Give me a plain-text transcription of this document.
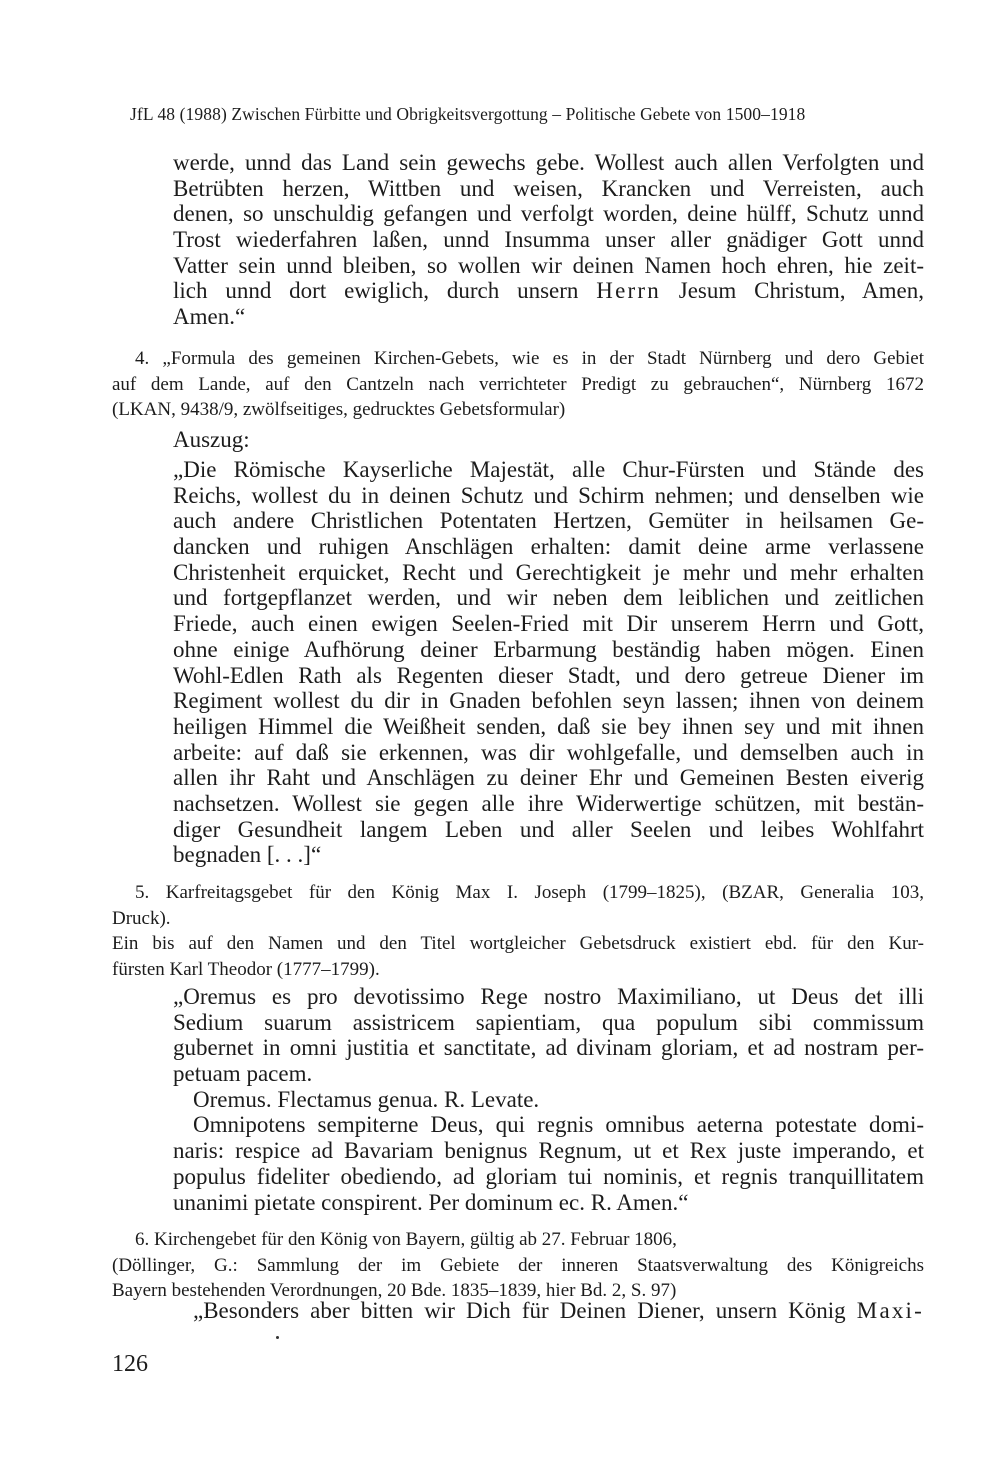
JfL 48 (1988) Zwischen Fürbitte und Obrigkeitsvergottung – Politische Gebete von 1500–1918
werde, unnd das Land sein gewechs gebe. Wollest auch allen Verfolgten und
Betrübten herzen, Wittben und weisen, Krancken und Verreisten, auch
denen, so unschuldig gefangen und verfolgt worden, deine hülff, Schutz unnd
Trost wiederfahren laßen, unnd Insumma unser aller gnädiger Gott unnd
Vatter sein unnd bleiben, so wollen wir deinen Namen hoch ehren, hie zeit-
lich unnd dort ewiglich, durch unsern Herrn Jesum Christum, Amen,
Amen.“
4. „Formula des gemeinen Kirchen-Gebets, wie es in der Stadt Nürnberg und dero Gebiet
auf dem Lande, auf den Cantzeln nach verrichteter Predigt zu gebrauchen“, Nürnberg 1672
(LKAN, 9438/9, zwölfseitiges, gedrucktes Gebetsformular)
Auszug:
„Die Römische Kayserliche Majestät, alle Chur-Fürsten und Stände des
Reichs, wollest du in deinen Schutz und Schirm nehmen; und denselben wie
auch andere Christlichen Potentaten Hertzen, Gemüter in heilsamen Ge-
dancken und ruhigen Anschlägen erhalten: damit deine arme verlassene
Christenheit erquicket, Recht und Gerechtigkeit je mehr und mehr erhalten
und fortgepflanzet werden, und wir neben dem leiblichen und zeitlichen
Friede, auch einen ewigen Seelen-Fried mit Dir unserem Herrn und Gott,
ohne einige Aufhörung deiner Erbarmung beständig haben mögen. Einen
Wohl-Edlen Rath als Regenten dieser Stadt, und dero getreue Diener im
Regiment wollest du dir in Gnaden befohlen seyn lassen; ihnen von deinem
heiligen Himmel die Weißheit senden, daß sie bey ihnen sey und mit ihnen
arbeite: auf daß sie erkennen, was dir wohlgefalle, und demselben auch in
allen ihr Raht und Anschlägen zu deiner Ehr und Gemeinen Besten eiverig
nachsetzen. Wollest sie gegen alle ihre Widerwertige schützen, mit bestän-
diger Gesundheit langem Leben und aller Seelen und leibes Wohlfahrt
begnaden [. . .]“
5. Karfreitagsgebet für den König Max I. Joseph (1799–1825), (BZAR, Generalia 103,
Druck).
Ein bis auf den Namen und den Titel wortgleicher Gebetsdruck existiert ebd. für den Kur-
fürsten Karl Theodor (1777–1799).
„Oremus es pro devotissimo Rege nostro Maximiliano, ut Deus det illi
Sedium suarum assistricem sapientiam, qua populum sibi commissum
gubernet in omni justitia et sanctitate, ad divinam gloriam, et ad nostram per-
petuam pacem.
Oremus. Flectamus genua. R. Levate.
Omnipotens sempiterne Deus, qui regnis omnibus aeterna potestate domi-
naris: respice ad Bavariam benignus Regnum, ut et Rex juste imperando, et
populus fideliter obediendo, ad gloriam tui nominis, et regnis tranquillitatem
unanimi pietate conspirent. Per dominum ec. R. Amen.“
6. Kirchengebet für den König von Bayern, gültig ab 27. Februar 1806,
(Döllinger, G.: Sammlung der im Gebiete der inneren Staatsverwaltung des Königreichs
Bayern bestehenden Verordnungen, 20 Bde. 1835–1839, hier Bd. 2, S. 97)
„Besonders aber bitten wir Dich für Deinen Diener, unsern König Maxi-
126
